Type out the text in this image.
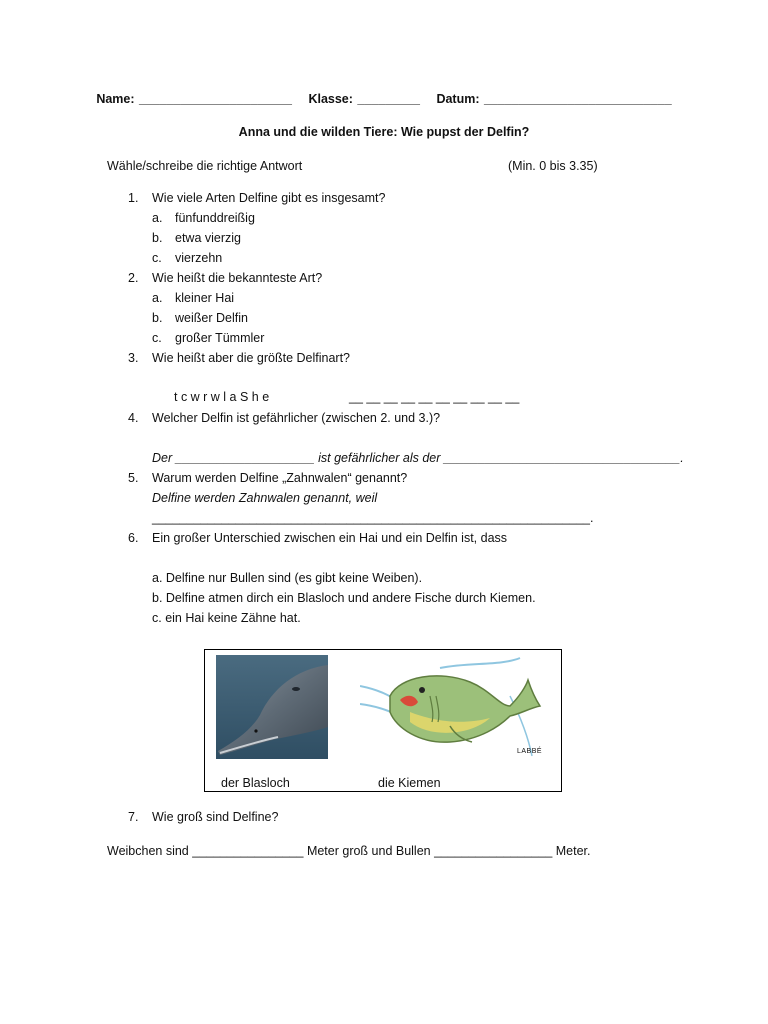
Name: ______________________ Klasse: _________ Datum: ___________________________
Anna und die wilden Tiere: Wie pupst der Delfin?
Wähle/schreibe die richtige Antwort	(Min. 0 bis 3.35)
1. Wie viele Arten Delfine gibt es insgesamt?
a. fünfunddreißig
b. etwa vierzig
c. vierzehn
2. Wie heißt die bekannteste Art?
a. kleiner Hai
b. weißer Delfin
c. großer Tümmler
3. Wie heißt aber die größte Delfinart?
t c w r w l a S h e	__ __ __ __ __ __ __ __ __ __
4. Welcher Delfin ist gefährlicher (zwischen 2. und 3.)?
Der ____________________ ist gefährlicher als der __________________________________.
5. Warum werden Delfine „Zahnwalen“ genannt?
Delfine werden Zahnwalen genannt, weil
_______________________________________________________________.
6. Ein großer Unterschied zwischen ein Hai und ein Delfin ist, dass
a. Delfine nur Bullen sind (es gibt keine Weiben).
b. Delfine atmen dirch ein Blasloch und andere Fische durch Kiemen.
c. ein Hai keine Zähne hat.
LABBÉ
der Blasloch	die Kiemen
7. Wie groß sind Delfine?
Weibchen sind ________________ Meter groß und Bullen _________________ Meter.
